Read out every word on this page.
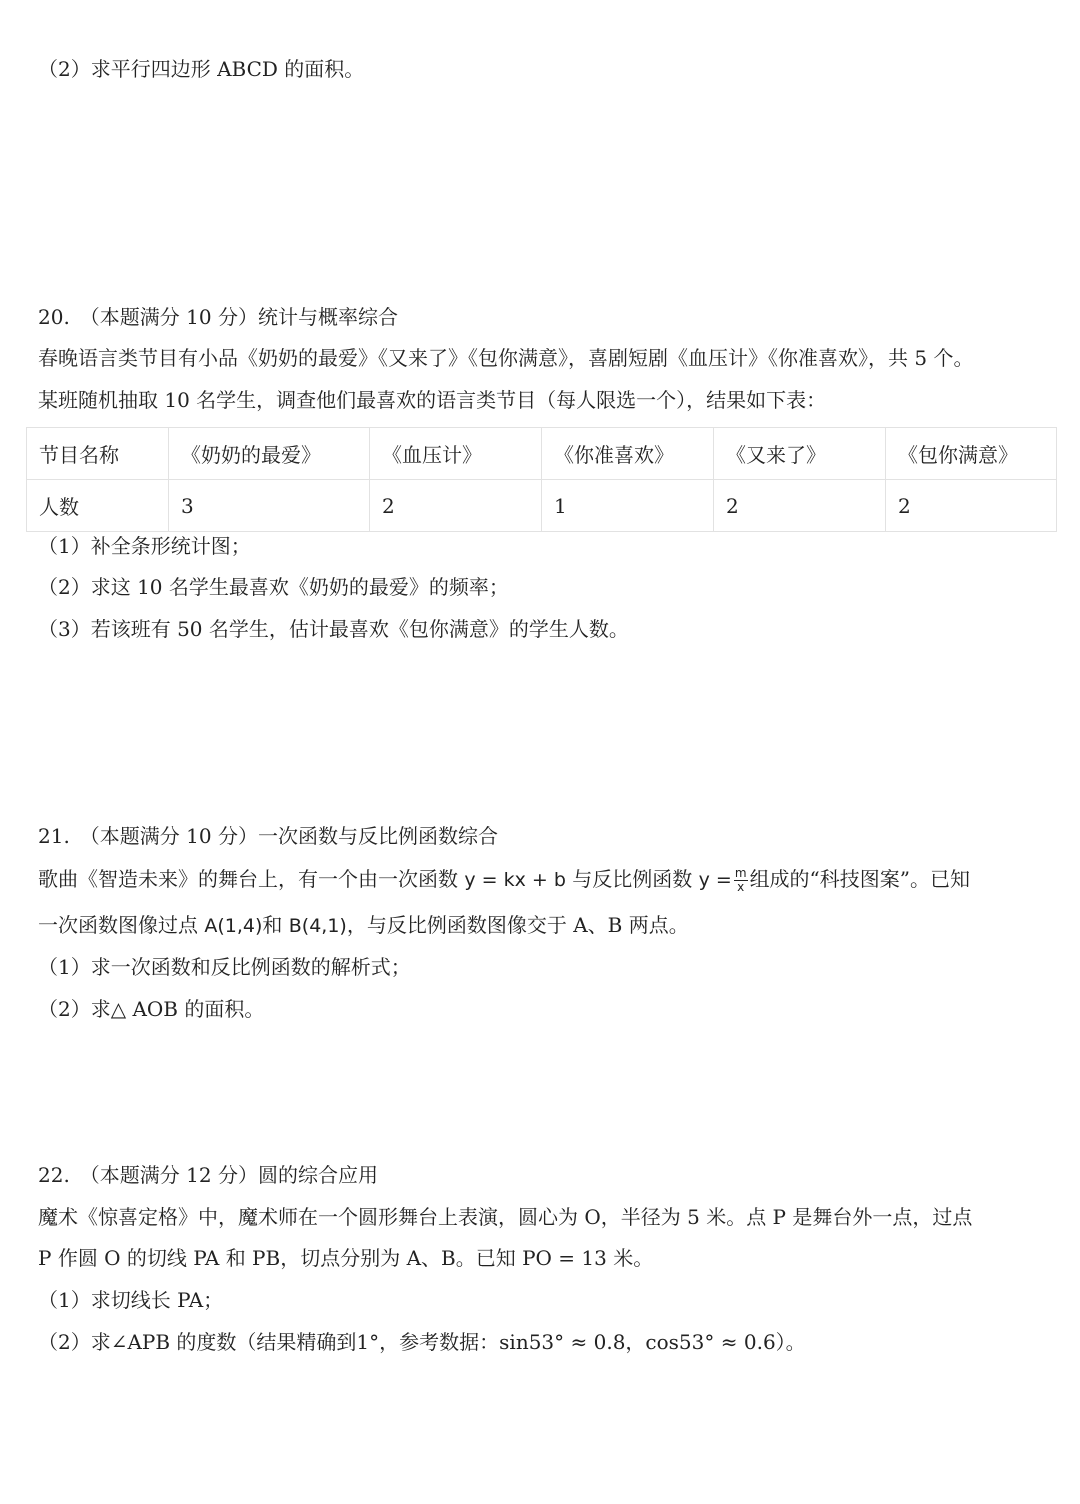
（2）求平行四边形 ABCD 的面积。
20.　（本题满分 10 分）统计与概率综合
春晚语言类节目有小品《奶奶的最爱》《又来了》《包你满意》，喜剧短剧《血压计》《你准喜欢》，共 5 个。
某班随机抽取 10 名学生，调查他们最喜欢的语言类节目（每人限选一个），结果如下表：
节目名称	《奶奶的最爱》	《血压计》	《你准喜欢》	《又来了》	《包你满意》
人数	3	2	1	2	2
（1）补全条形统计图；
（2）求这 10 名学生最喜欢《奶奶的最爱》的频率；
（3）若该班有 50 名学生，估计最喜欢《包你满意》的学生人数。
21.　（本题满分 10 分）一次函数与反比例函数综合
歌曲《智造未来》的舞台上，有一个由一次函数 y = kx + b 与反比例函数 $y = \frac{m}{x}$ 组成的“科技图案”。已知
一次函数图像过点 A(1,4)和 B(4,1)，与反比例函数图像交于 A、B 两点。
（1）求一次函数和反比例函数的解析式；
（2）求△ AOB 的面积。
22.　（本题满分 12 分）圆的综合应用
魔术《惊喜定格》中，魔术师在一个圆形舞台上表演，圆心为 O，半径为 5 米。点 P 是舞台外一点，过点
P 作圆 O 的切线 PA 和 PB，切点分别为 A、B。已知 PO = 13 米。
（1）求切线长 PA；
（2）求∠APB 的度数（结果精确到1°，参考数据：sin53° ≈ 0.8，cos53° ≈ 0.6）。
